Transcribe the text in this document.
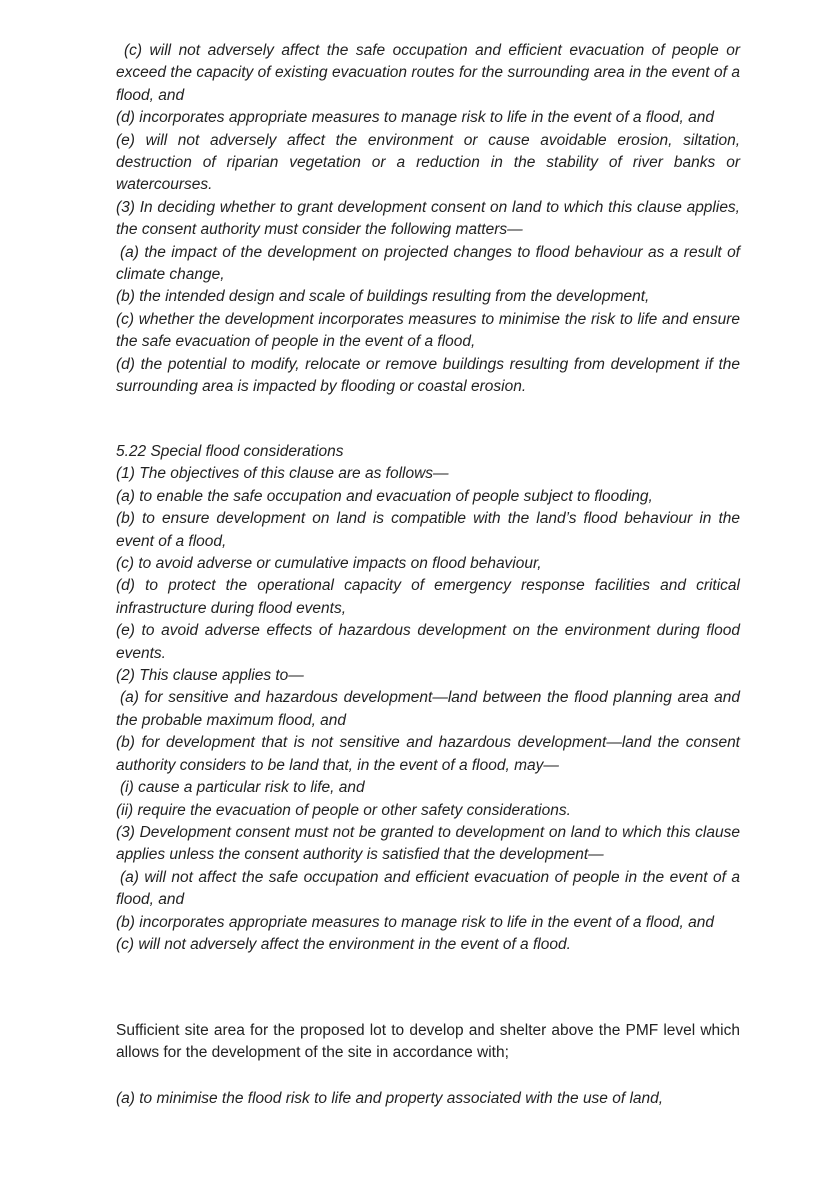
(c) will not adversely affect the safe occupation and efficient evacuation of people or exceed the capacity of existing evacuation routes for the surrounding area in the event of a flood, and

(d) incorporates appropriate measures to manage risk to life in the event of a flood, and

(e) will not adversely affect the environment or cause avoidable erosion, siltation, destruction of riparian vegetation or a reduction in the stability of river banks or watercourses.

(3) In deciding whether to grant development consent on land to which this clause applies, the consent authority must consider the following matters—

(a) the impact of the development on projected changes to flood behaviour as a result of climate change,

(b) the intended design and scale of buildings resulting from the development,

(c) whether the development incorporates measures to minimise the risk to life and ensure the safe evacuation of people in the event of a flood,

(d) the potential to modify, relocate or remove buildings resulting from development if the surrounding area is impacted by flooding or coastal erosion.

5.22 Special flood considerations

(1) The objectives of this clause are as follows—

(a) to enable the safe occupation and evacuation of people subject to flooding,

(b) to ensure development on land is compatible with the land’s flood behaviour in the event of a flood,

(c) to avoid adverse or cumulative impacts on flood behaviour,

(d) to protect the operational capacity of emergency response facilities and critical infrastructure during flood events,

(e) to avoid adverse effects of hazardous development on the environment during flood events.

(2) This clause applies to—

(a) for sensitive and hazardous development—land between the flood planning area and the probable maximum flood, and

(b) for development that is not sensitive and hazardous development—land the consent authority considers to be land that, in the event of a flood, may—

(i) cause a particular risk to life, and

(ii) require the evacuation of people or other safety considerations.

(3) Development consent must not be granted to development on land to which this clause applies unless the consent authority is satisfied that the development—

(a) will not affect the safe occupation and efficient evacuation of people in the event of a flood, and

(b) incorporates appropriate measures to manage risk to life in the event of a flood, and

(c) will not adversely affect the environment in the event of a flood.

Sufficient site area for the proposed lot to develop and shelter above the PMF level which allows for the development of the site in accordance with;

(a) to minimise the flood risk to life and property associated with the use of land,
